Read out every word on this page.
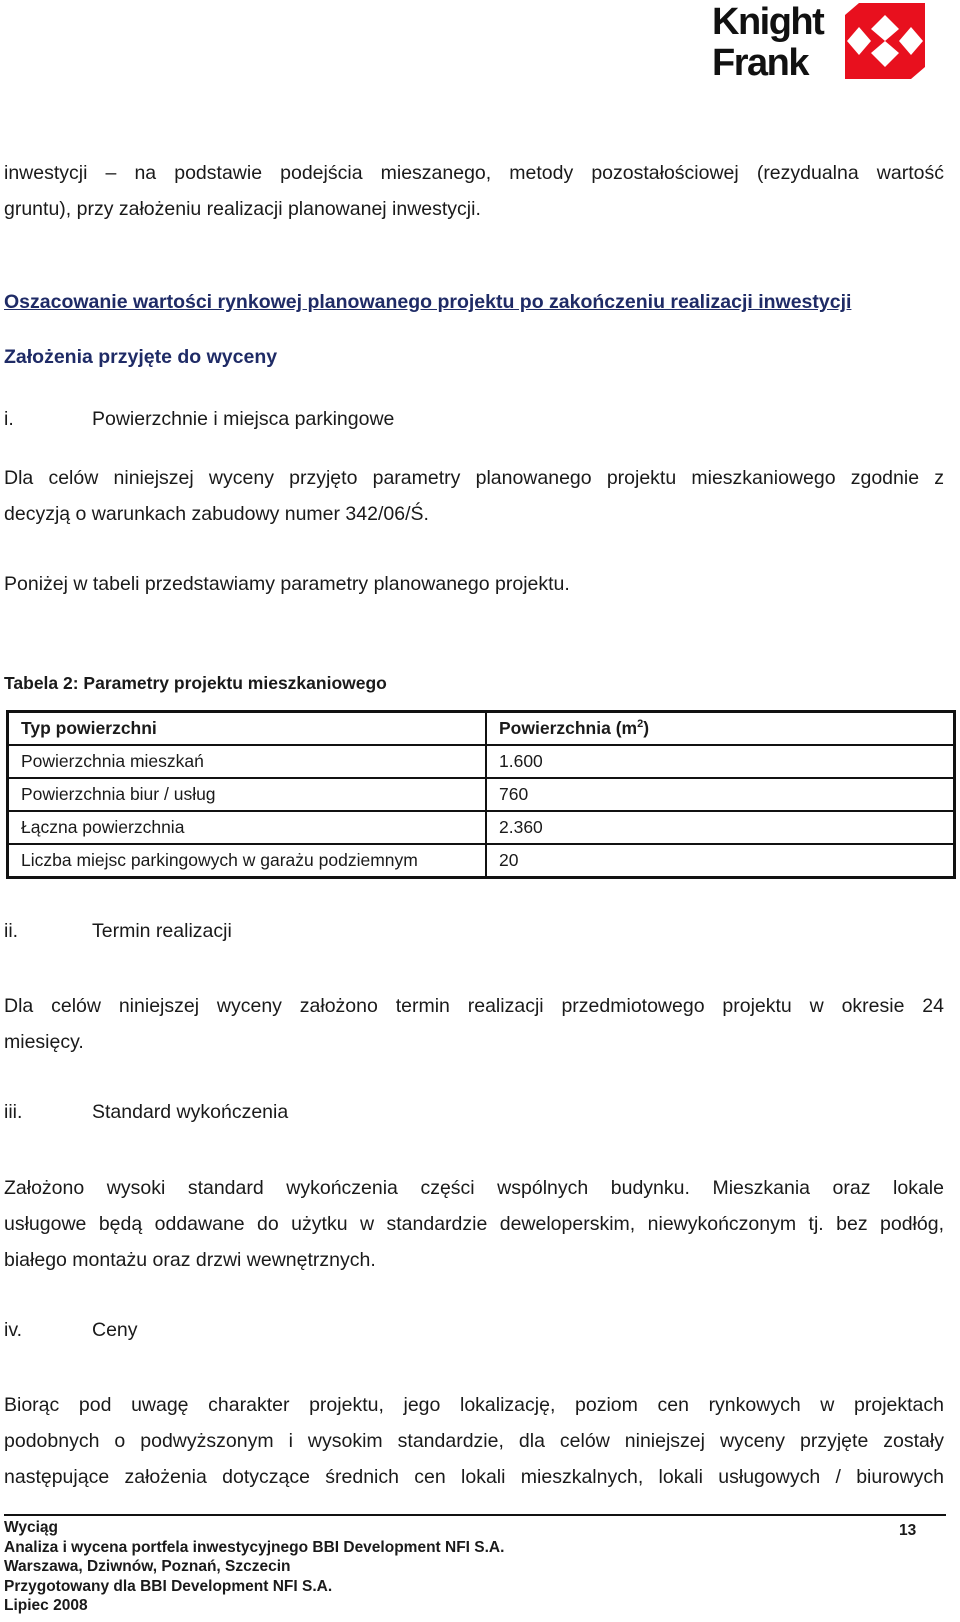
Knight
Frank
inwestycji – na podstawie podejścia mieszanego, metody pozostałościowej (rezydualna wartość
gruntu), przy założeniu realizacji planowanej inwestycji.
Oszacowanie wartości rynkowej planowanego projektu po zakończeniu realizacji inwestycji
Założenia przyjęte do wyceny
i.	Powierzchnie i miejsca parkingowe
Dla celów niniejszej wyceny przyjęto parametry planowanego projektu mieszkaniowego zgodnie z
decyzją o warunkach zabudowy numer 342/06/Ś.
Poniżej w tabeli przedstawiamy parametry planowanego projektu.
Tabela 2: Parametry projektu mieszkaniowego
Typ powierzchni	Powierzchnia $(m^2)$
Powierzchnia mieszkań	1.600
Powierzchnia biur / usług	760
Łączna powierzchnia	2.360
Liczba miejsc parkingowych w garażu podziemnym	20
ii.	Termin realizacji
Dla celów niniejszej wyceny założono termin realizacji przedmiotowego projektu w okresie 24
miesięcy.
iii.	Standard wykończenia
Założono wysoki standard wykończenia części wspólnych budynku. Mieszkania oraz lokale
usługowe będą oddawane do użytku w standardzie deweloperskim, niewykończonym tj. bez podłóg,
białego montażu oraz drzwi wewnętrznych.
iv.	Ceny
Biorąc pod uwagę charakter projektu, jego lokalizację, poziom cen rynkowych w projektach
podobnych o podwyższonym i wysokim standardzie, dla celów niniejszej wyceny przyjęte zostały
następujące założenia dotyczące średnich cen lokali mieszkalnych, lokali usługowych / biurowych
Wyciąg
Analiza i wycena portfela inwestycyjnego BBI Development NFI S.A.
Warszawa, Dziwnów, Poznań, Szczecin
Przygotowany dla BBI Development NFI S.A.
Lipiec 2008
13
